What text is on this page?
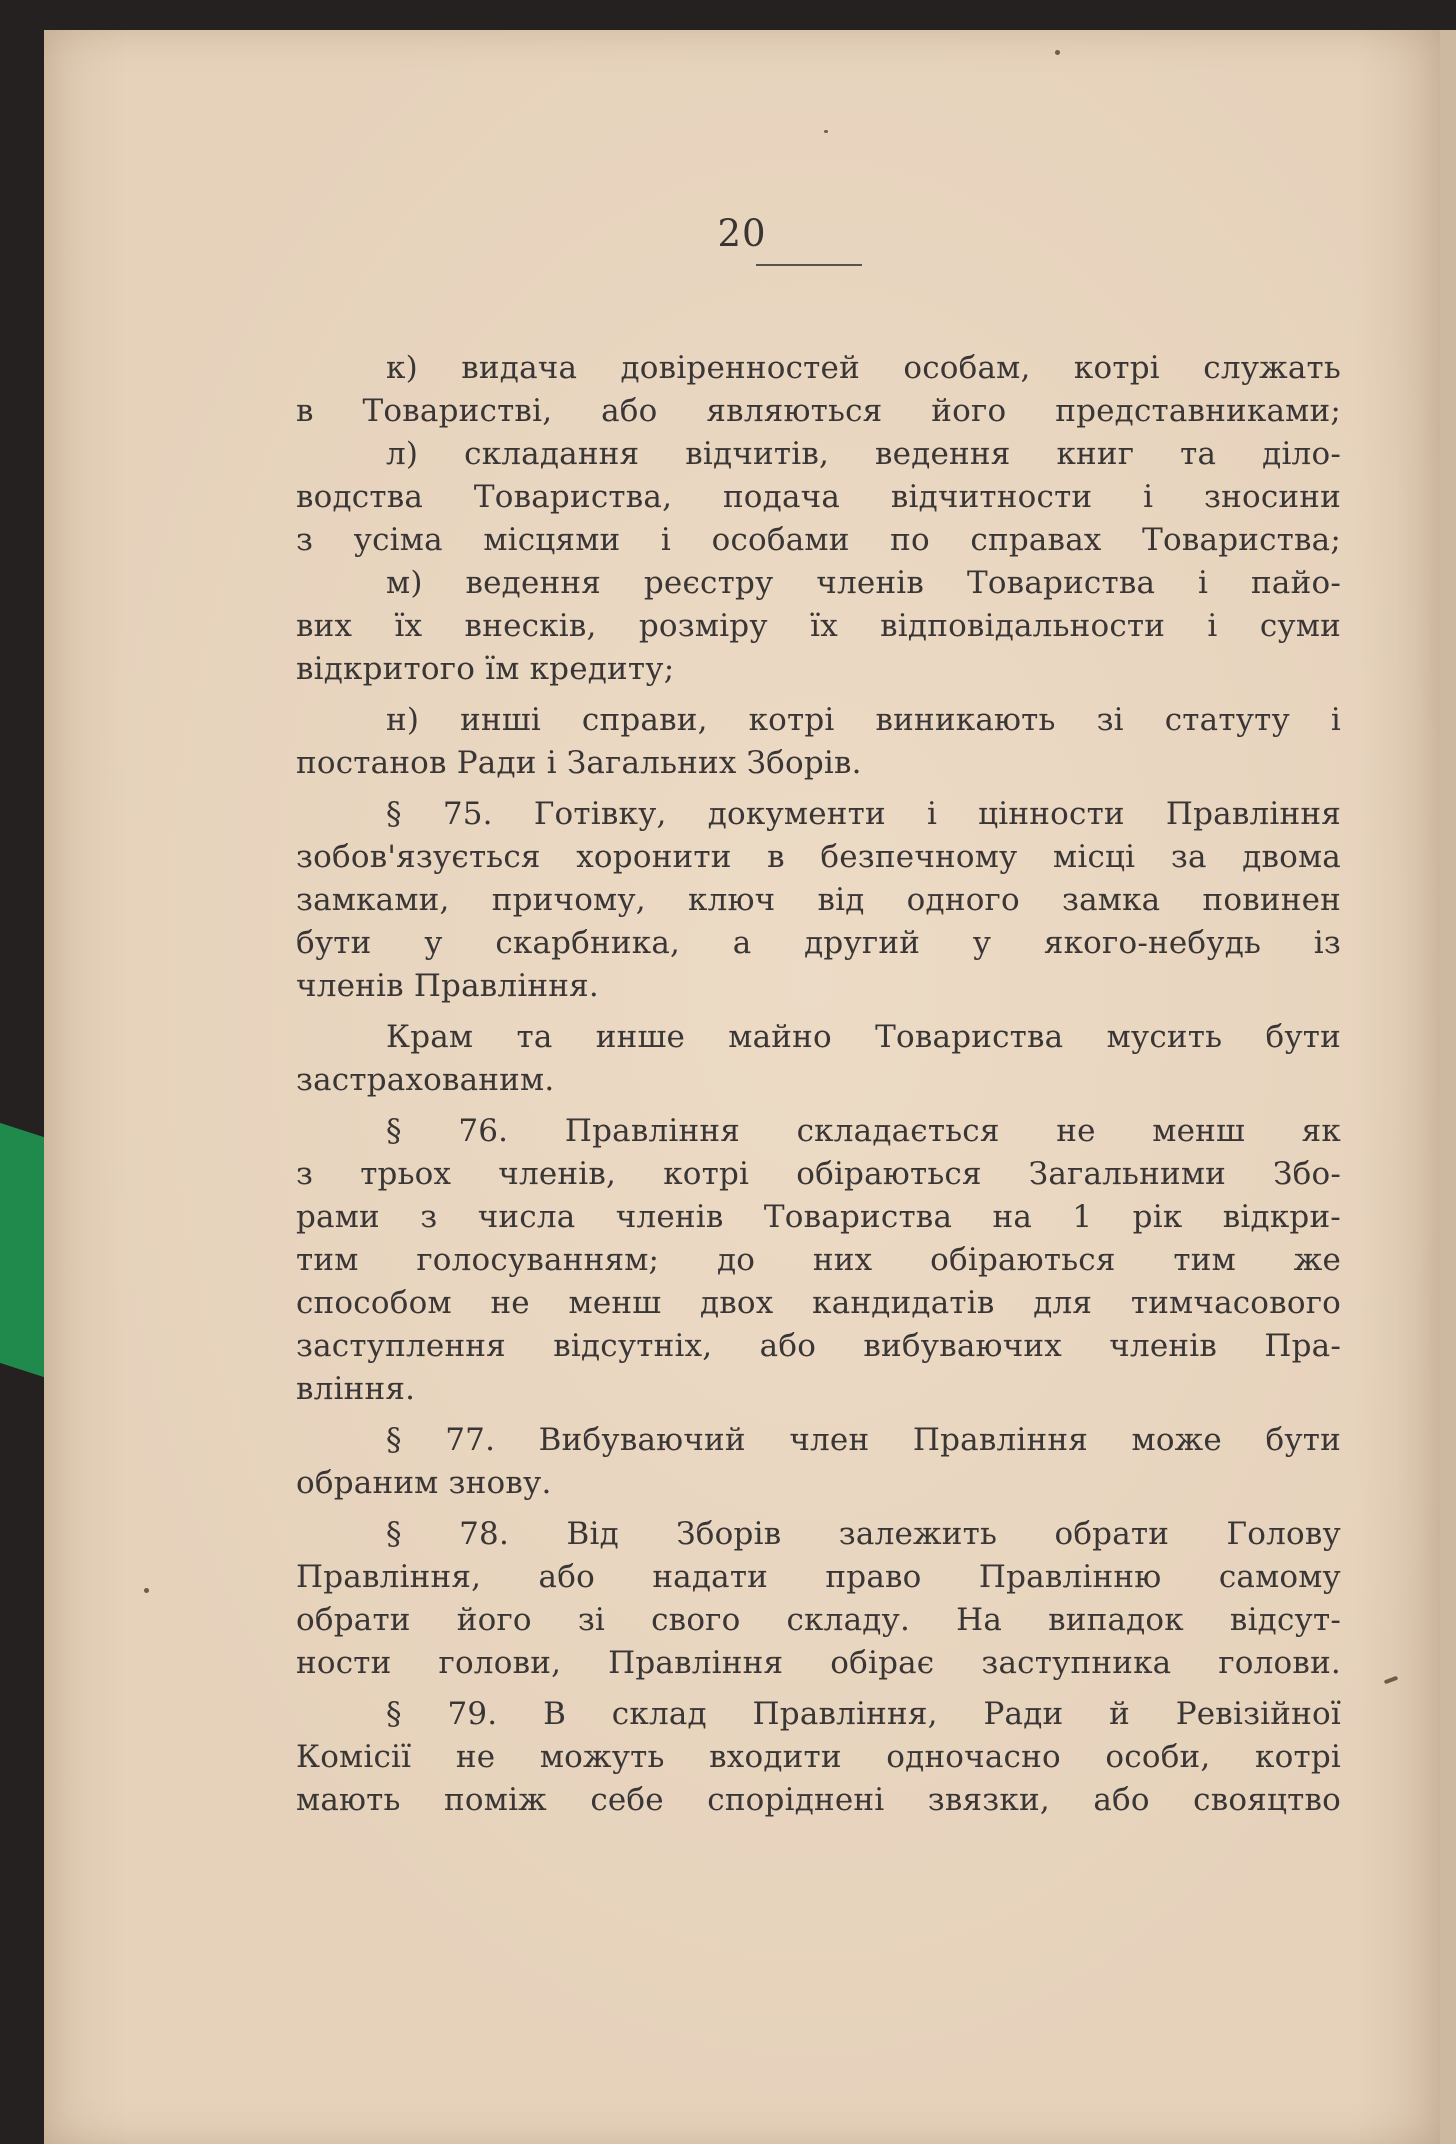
20
к) видача довіренностей особам, котрі служать
в Товаристві, або являються його представниками;
л) складання відчитів, ведення книг та діло-
водства Товариства, подача відчитности і зносини
з усіма місцями і особами по справах Товариства;
м) ведення реєстру членів Товариства і пайо-
вих їх внесків, розміру їх відповідальности і суми
відкритого їм кредиту;
н) инші справи, котрі виникають зі статуту і
постанов Ради і Загальних Зборів.
§ 75. Готівку, документи і цінности Правління
зобов'язується хоронити в безпечному місці за двома
замками, причому, ключ від одного замка повинен
бути у скарбника, а другий у якого-небудь із
членів Правління.
Крам та инше майно Товариства мусить бути
застрахованим.
§ 76. Правління складається не менш як
з трьох членів, котрі обіраються Загальними Збо-
рами з числа членів Товариства на 1 рік відкри-
тим голосуванням; до них обіраються тим же
способом не менш двох кандидатів для тимчасового
заступлення відсутніх, або вибуваючих членів Пра-
вління.
§ 77. Вибуваючий член Правління може бути
обраним знову.
§ 78. Від Зборів залежить обрати Голову
Правління, або надати право Правлінню самому
обрати його зі свого складу. На випадок відсут-
ности голови, Правління обірає заступника голови.
§ 79. В склад Правління, Ради й Ревізійної
Комісії не можуть входити одночасно особи, котрі
мають поміж себе споріднені звязки, або свояцтво
